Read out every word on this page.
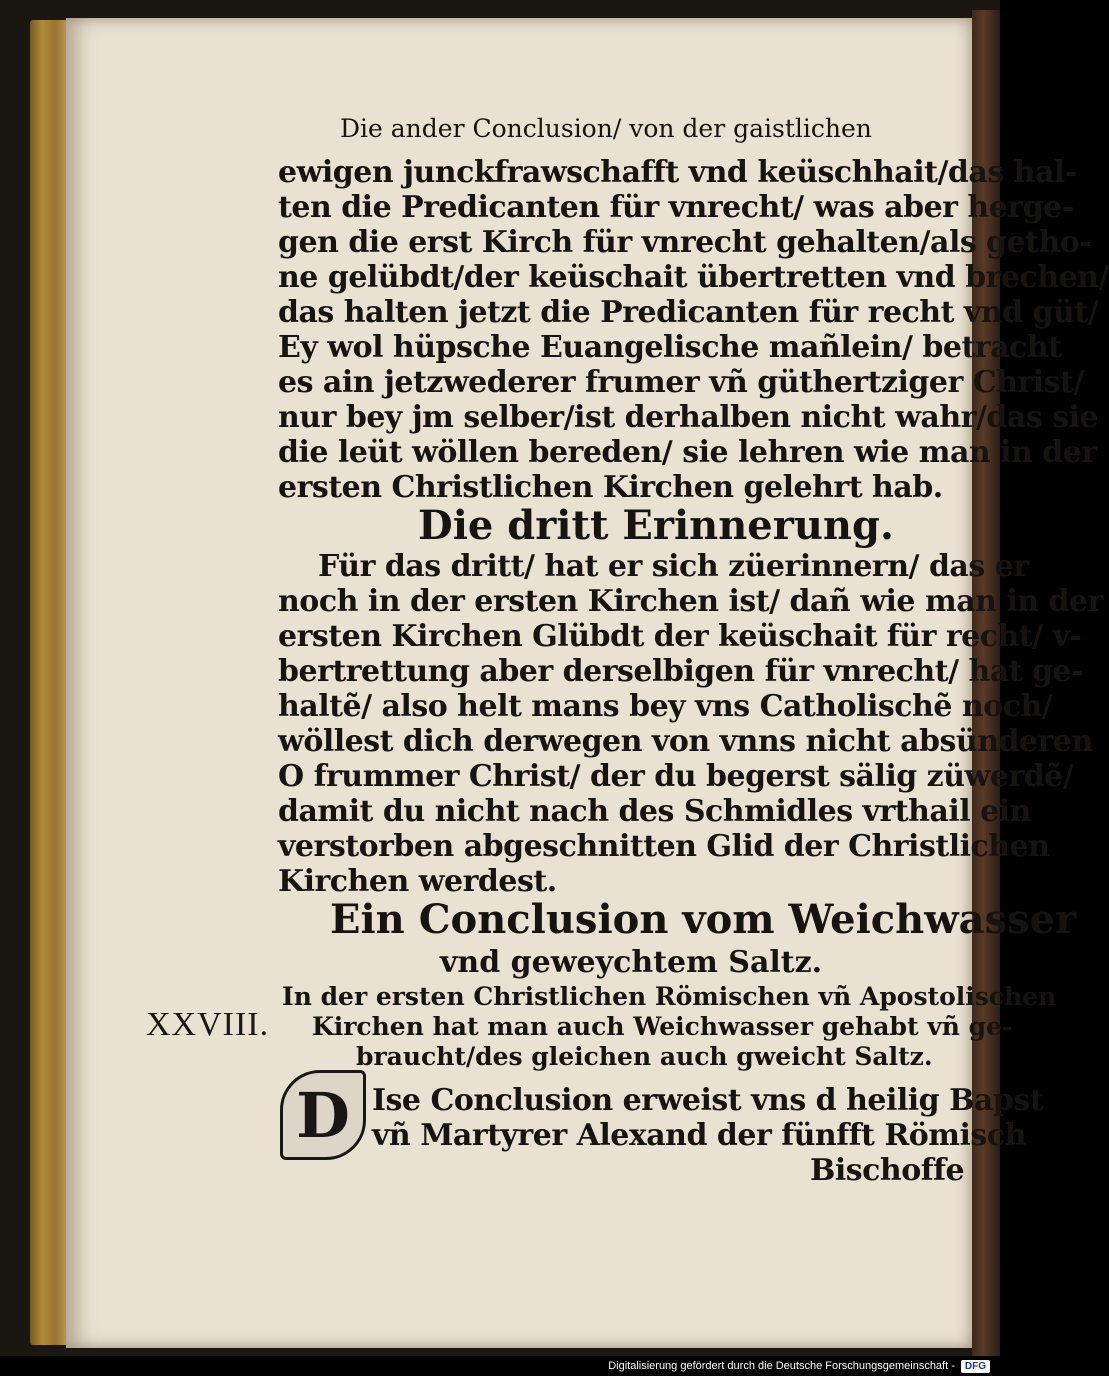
Die ander Conclusion/ von der gaistlichen
ewigen junckfrawschafft vnd keüschhait/das hal-
ten die Predicanten für vnrecht/ was aber herge-
gen die erst Kirch für vnrecht gehalten/als getho-
ne gelübdt/der keüschait übertretten vnd brechen/
das halten jetzt die Predicanten für recht vnd güt/
Ey wol hüpsche Euangelische mañlein/ betracht
es ain jetzwederer frumer vñ güthertziger Christ/
nur bey jm selber/ist derhalben nicht wahr/das sie
die leüt wöllen bereden/ sie lehren wie man in der
ersten Christlichen Kirchen gelehrt hab.
Die dritt Erinnerung.
Für das dritt/ hat er sich züerinnern/ das er
noch in der ersten Kirchen ist/ dañ wie man in der
ersten Kirchen Glübdt der keüschait für recht/ v-
bertrettung aber derselbigen für vnrecht/ hat ge-
haltẽ/ also helt mans bey vns Catholischẽ noch/
wöllest dich derwegen von vnns nicht absünderen
O frummer Christ/ der du begerst sälig züwerdẽ/
damit du nicht nach des Schmidles vrthail ein
verstorben abgeschnitten Glid der Christlichen
Kirchen werdest.
Ein Conclusion vom Weichwasser
vnd geweychtem Saltz.
XXVIII.
In der ersten Christlichen Römischen vñ Apostolischen
Kirchen hat man auch Weichwasser gehabt vñ ge-
braucht/des gleichen auch gweicht Saltz.
D Ise Conclusion erweist vns d heilig Bapst
vñ Martyrer Alexand der fünfft Römisch
Bischoffe
Digitalisierung gefördert durch die Deutsche Forschungsgemeinschaft -	DFG
